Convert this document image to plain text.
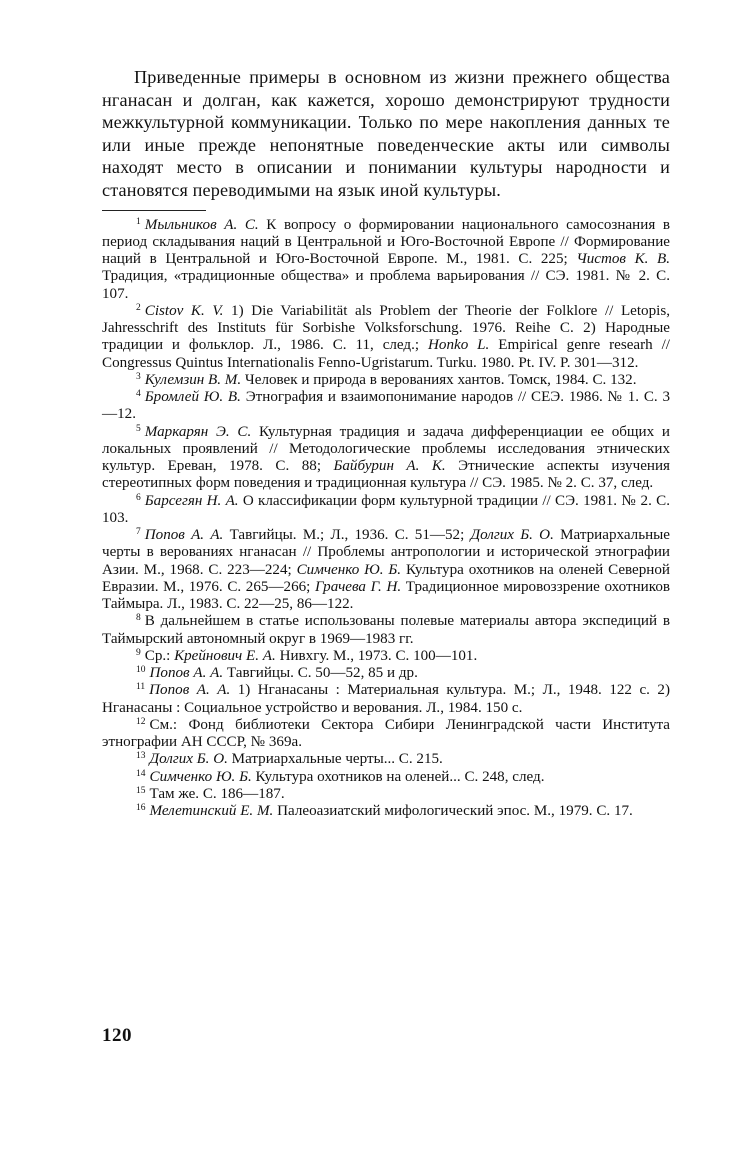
Приведенные примеры в основном из жизни прежнего общества нганасан и долган, как кажется, хорошо демонстрируют трудности межкультурной коммуникации. Только по мере накопления данных те или иные прежде непонятные поведенческие акты или символы находят место в описании и понимании культуры народности и становятся переводимыми на язык иной культуры.

$^1$ Мыльников А. С. К вопросу о формировании национального самосознания в период складывания наций в Центральной и Юго-Восточной Европе // Формирование наций в Центральной и Юго-Восточной Европе. М., 1981. С. 225; Чистов К. В. Традиция, «традиционные общества» и проблема варьирования // СЭ. 1981. № 2. С. 107.

$^2$ Cistov K. V. 1) Die Variabilität als Problem der Theorie der Folklore // Letopis, Jahresschrift des Instituts für Sorbishe Volksforschung. 1976. Reihe C. 2) Народные традиции и фольклор. Л., 1986. С. 11, след.; Honko L. Empirical genre researh // Congressus Quintus Internationalis Fenno-Ugristarum. Turku. 1980. Pt. IV. P. 301—312.

$^3$ Кулемзин В. М. Человек и природа в верованиях хантов. Томск, 1984. С. 132.

$^4$ Бромлей Ю. В. Этнография и взаимопонимание народов // СЕЭ. 1986. № 1. С. 3—12.

$^5$ Маркарян Э. С. Культурная традиция и задача дифференциации ее общих и локальных проявлений // Методологические проблемы исследования этнических культур. Ереван, 1978. С. 88; Байбурин А. К. Этнические аспекты изучения стереотипных форм поведения и традиционная культура // СЭ. 1985. № 2. С. 37, след.

$^6$ Барсегян Н. А. О классификации форм культурной традиции // СЭ. 1981. № 2. С. 103.

$^7$ Попов А. А. Тавгийцы. М.; Л., 1936. С. 51—52; Долгих Б. О. Матриархальные черты в верованиях нганасан // Проблемы антропологии и исторической этнографии Азии. М., 1968. С. 223—224; Симченко Ю. Б. Культура охотников на оленей Северной Евразии. М., 1976. С. 265—266; Грачева Г. Н. Традиционное мировоззрение охотников Таймыра. Л., 1983. С. 22—25, 86—122.

$^8$ В дальнейшем в статье использованы полевые материалы автора экспедиций в Таймырский автономный округ в 1969—1983 гг.

$^9$ Ср.: Крейнович Е. А. Нивхгу. М., 1973. С. 100—101.

$^{10}$ Попов А. А. Тавгийцы. С. 50—52, 85 и др.

$^{11}$ Попов А. А. 1) Нганасаны : Материальная культура. М.; Л., 1948. 122 с. 2) Нганасаны : Социальное устройство и верования. Л., 1984. 150 с.

$^{12}$ См.: Фонд библиотеки Сектора Сибири Ленинградской части Института этнографии АН СССР, № 369а.

$^{13}$ Долгих Б. О. Матриархальные черты... С. 215.

$^{14}$ Симченко Ю. Б. Культура охотников на оленей... С. 248, след.

$^{15}$ Там же. С. 186—187.

$^{16}$ Мелетинский Е. М. Палеоазиатский мифологический эпос. М., 1979. С. 17.

120
